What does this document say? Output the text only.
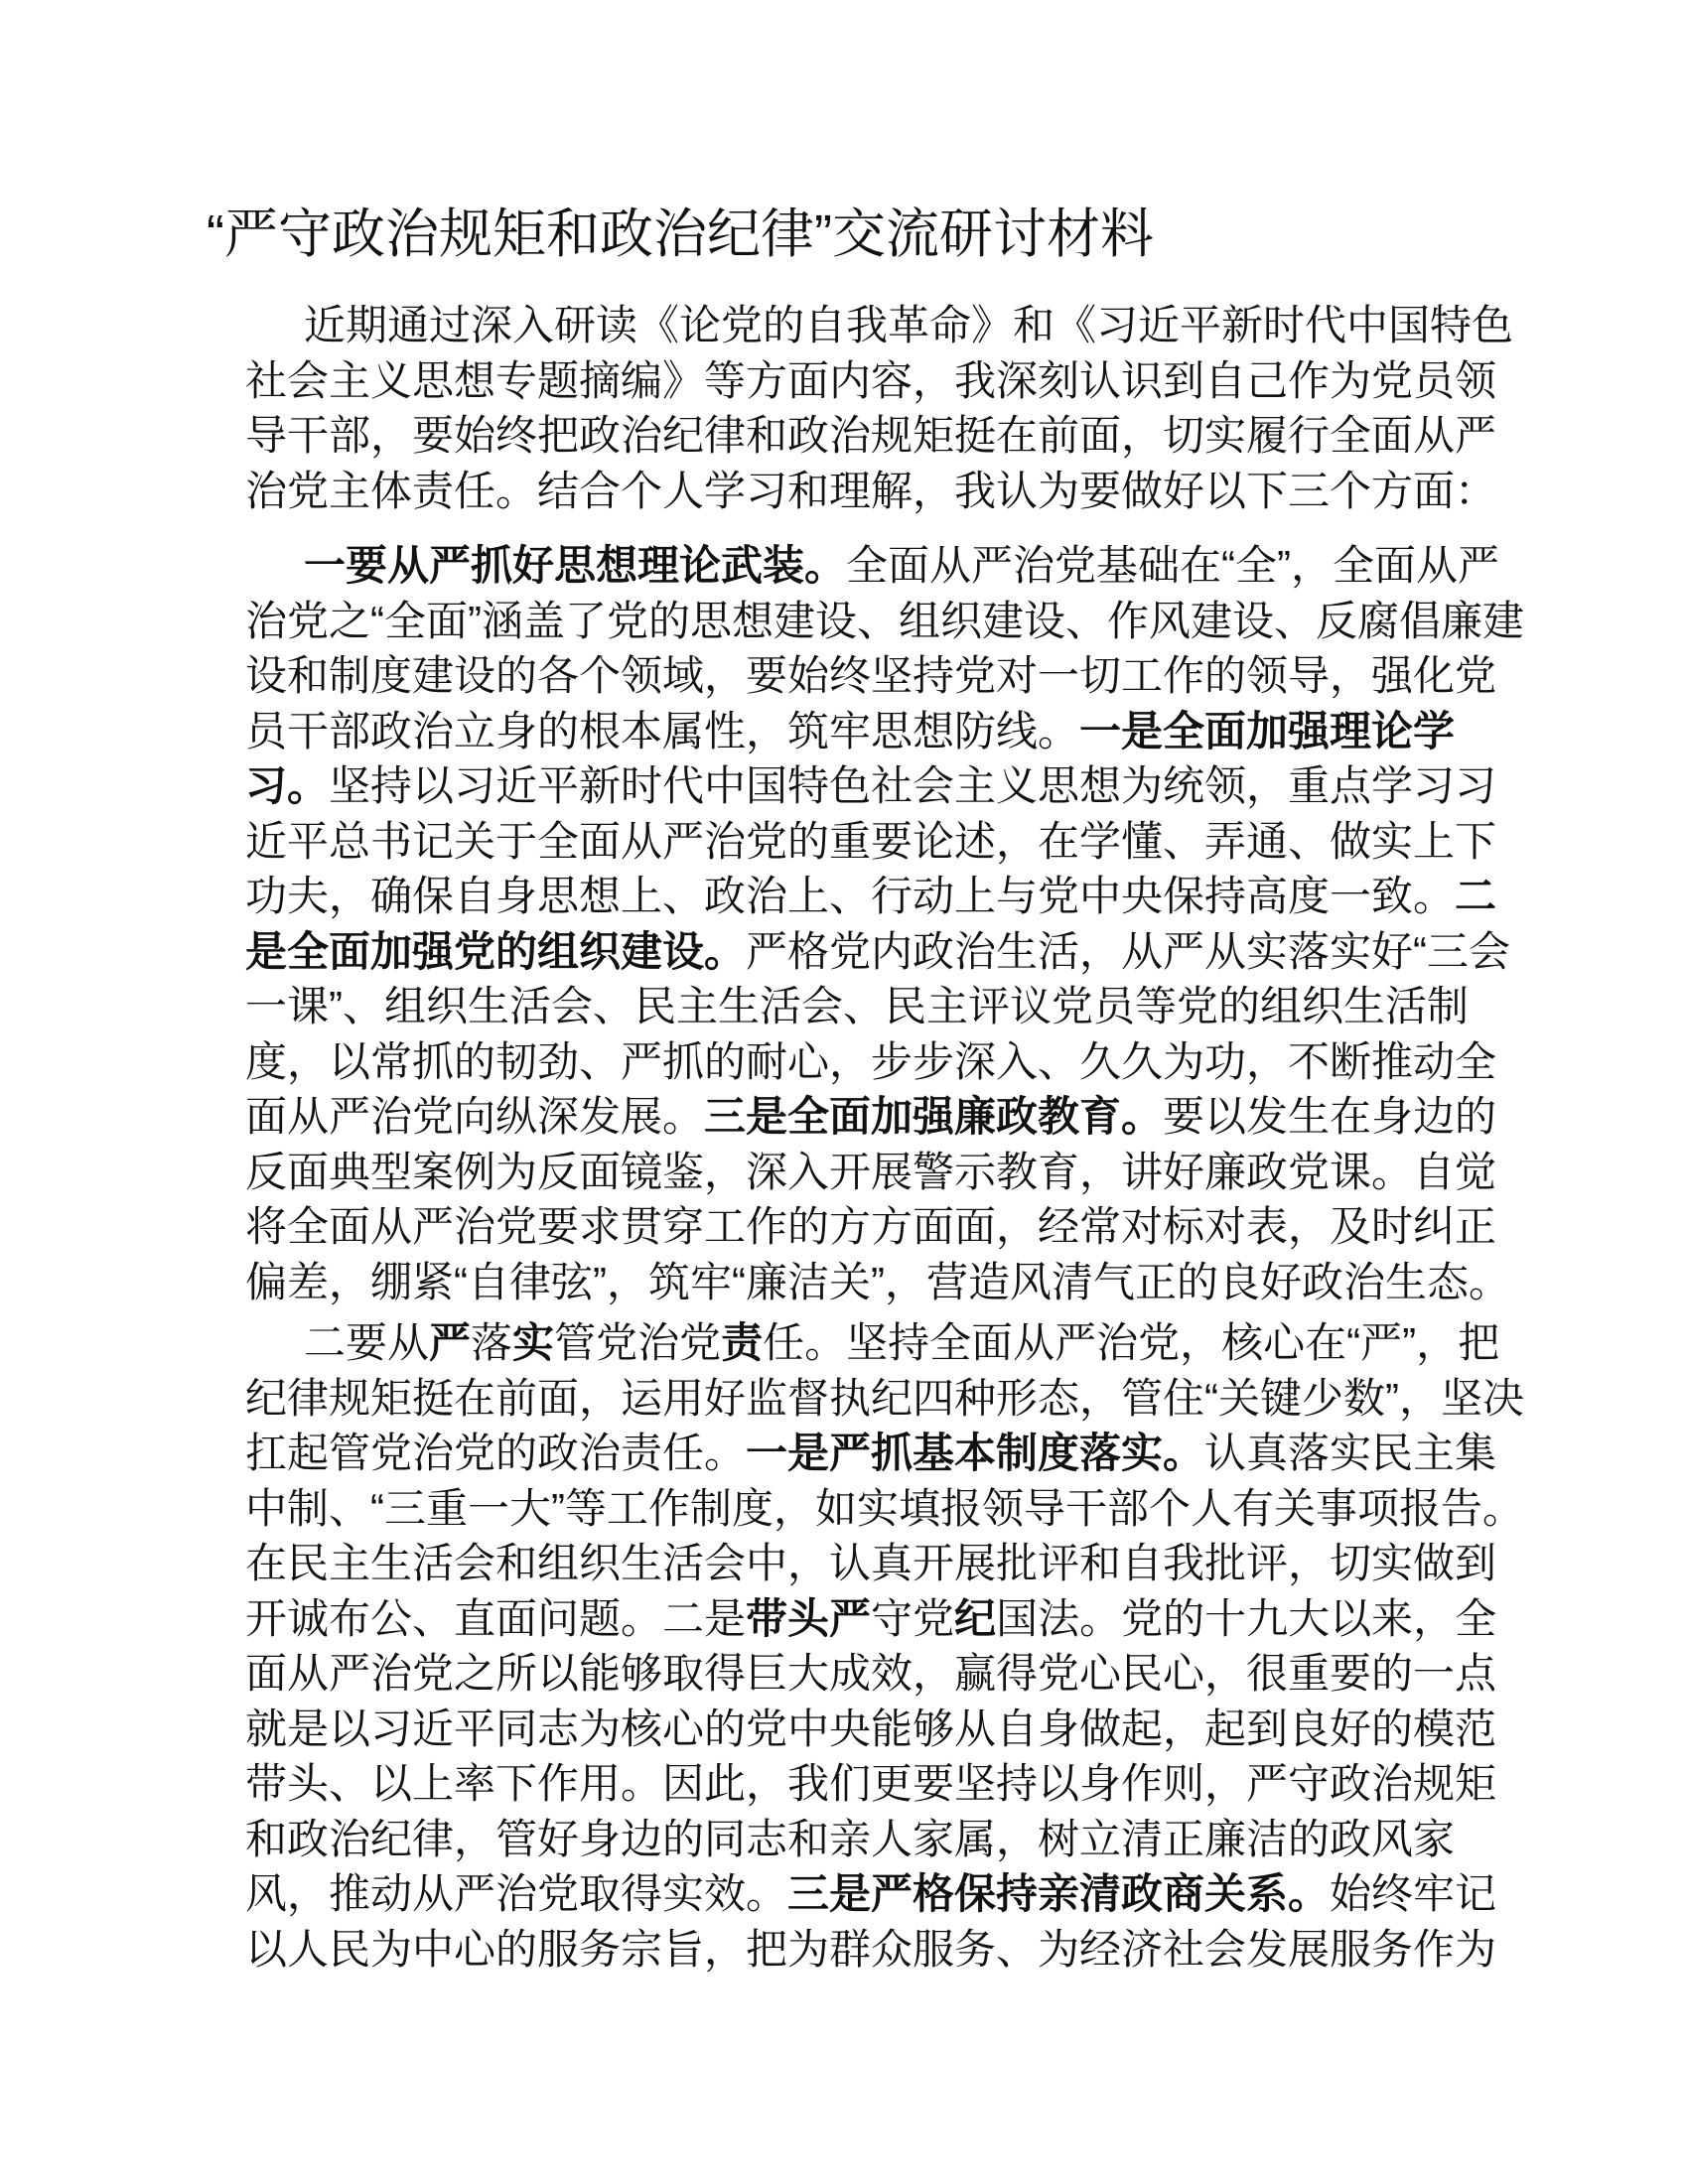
“严守政治规矩和政治纪律”交流研讨材料
近期通过深入研读《论党的自我革命》和《习近平新时代中国特色
社会主义思想专题摘编》等方面内容，我深刻认识到自己作为党员领
导干部，要始终把政治纪律和政治规矩挺在前面，切实履行全面从严
治党主体责任。结合个人学习和理解，我认为要做好以下三个方面：
一要从严抓好思想理论武装。全面从严治党基础在“全”，全面从严
治党之“全面”涵盖了党的思想建设、组织建设、作风建设、反腐倡廉建
设和制度建设的各个领域，要始终坚持党对一切工作的领导，强化党
员干部政治立身的根本属性，筑牢思想防线。一是全面加强理论学
习。坚持以习近平新时代中国特色社会主义思想为统领，重点学习习
近平总书记关于全面从严治党的重要论述，在学懂、弄通、做实上下
功夫，确保自身思想上、政治上、行动上与党中央保持高度一致。二
是全面加强党的组织建设。严格党内政治生活，从严从实落实好“三会
一课”、组织生活会、民主生活会、民主评议党员等党的组织生活制
度，以常抓的韧劲、严抓的耐心，步步深入、久久为功，不断推动全
面从严治党向纵深发展。三是全面加强廉政教育。要以发生在身边的
反面典型案例为反面镜鉴，深入开展警示教育，讲好廉政党课。自觉
将全面从严治党要求贯穿工作的方方面面，经常对标对表，及时纠正
偏差，绷紧“自律弦”，筑牢“廉洁关”，营造风清气正的良好政治生态。
二要从严落实管党治党责任。坚持全面从严治党，核心在“严”，把
纪律规矩挺在前面，运用好监督执纪四种形态，管住“关键少数”，坚决
扛起管党治党的政治责任。一是严抓基本制度落实。认真落实民主集
中制、“三重一大”等工作制度，如实填报领导干部个人有关事项报告。
在民主生活会和组织生活会中，认真开展批评和自我批评，切实做到
开诚布公、直面问题。二是带头严守党纪国法。党的十九大以来，全
面从严治党之所以能够取得巨大成效，赢得党心民心，很重要的一点
就是以习近平同志为核心的党中央能够从自身做起，起到良好的模范
带头、以上率下作用。因此，我们更要坚持以身作则，严守政治规矩
和政治纪律，管好身边的同志和亲人家属，树立清正廉洁的政风家
风，推动从严治党取得实效。三是严格保持亲清政商关系。始终牢记
以人民为中心的服务宗旨，把为群众服务、为经济社会发展服务作为
